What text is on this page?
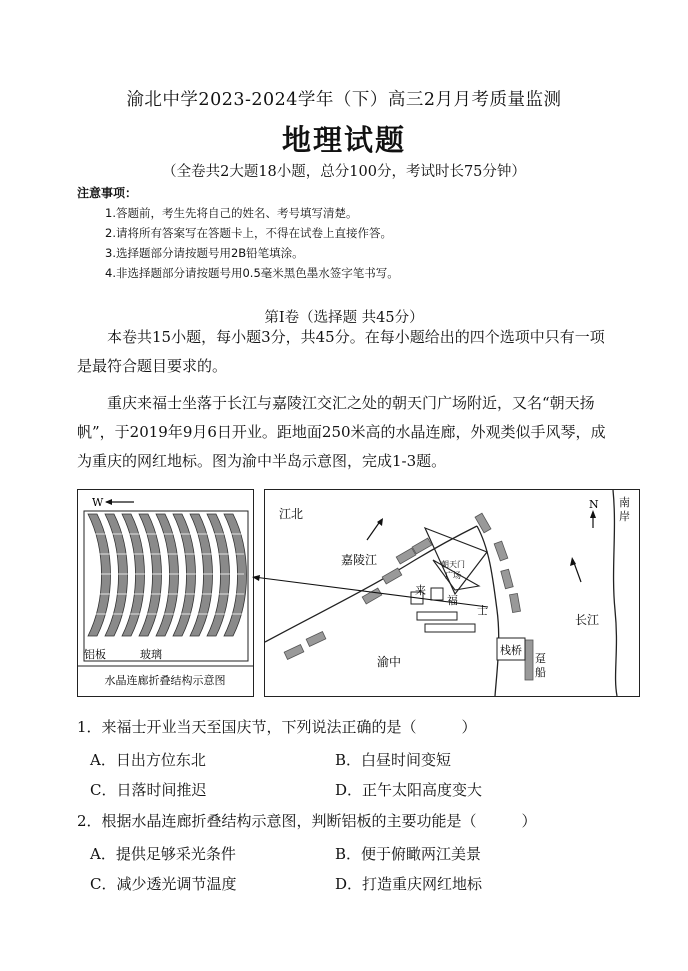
渝北中学2023-2024学年（下）高三2月月考质量监测
地理试题
（全卷共2大题18小题，总分100分，考试时长75分钟）
注意事项：
1.答题前，考生先将自己的姓名、考号填写清楚。
2.请将所有答案写在答题卡上，不得在试卷上直接作答。
3.选择题部分请按题号用2B铅笔填涂。
4.非选择题部分请按题号用0.5毫米黑色墨水签字笔书写。
第Ⅰ卷（选择题 共45分）
本卷共15小题，每小题3分，共45分。在每小题给出的四个选项中只有一项是最符合题目要求的。
重庆来福士坐落于长江与嘉陵江交汇之处的朝天门广场附近，又名“朝天扬帆”，于2019年9月6日开业。距地面250米高的水晶连廊，外观类似手风琴，成为重庆的网红地标。图为渝中半岛示意图，完成1-3题。
W
铝板	玻璃
水晶连廊折叠结构示意图
江北
嘉陵江	朝天门
广场
来
福
士
渝中
长江
栈桥
趸
船
N 南
岸
1．来福士开业当天至国庆节，下列说法正确的是（　　　）
A．日出方位东北	B．白昼时间变短
C．日落时间推迟	D．正午太阳高度变大
2．根据水晶连廊折叠结构示意图，判断铝板的主要功能是（　　　）
A．提供足够采光条件	B．便于俯瞰两江美景
C．减少透光调节温度	D．打造重庆网红地标
